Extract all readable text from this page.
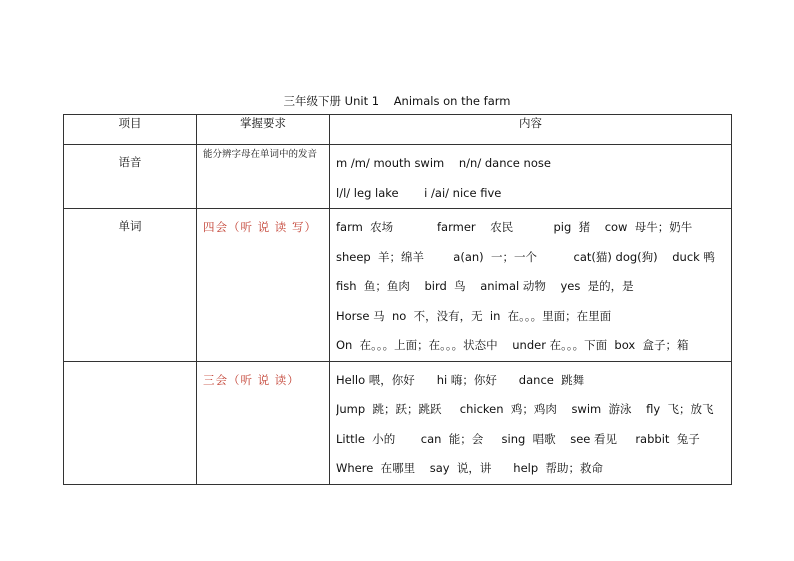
三年级下册 Unit 1    Animals on the farm
项目	掌握要求	内容

语音	能分辨字母在单词中的发音	m /m/ mouth swim    n/n/ dance nose
l/l/ leg lake       i /ai/ nice five

单词	四会（听 说 读 写）	farm  农场            farmer    农民           pig  猪    cow  母牛；奶牛
sheep  羊；绵羊        a(an)  一；一个          cat(猫) dog(狗)    duck 鸭
fish  鱼；鱼肉    bird  鸟    animal 动物    yes  是的，是
Horse 马  no  不，没有，无  in  在。。。里面；在里面
On  在。。。上面；在。。。状态中    under 在。。。下面  box  盒子；箱

	三会（听 说 读）	Hello 喂，你好      hi 嗨；你好      dance  跳舞
Jump  跳；跃；跳跃     chicken  鸡；鸡肉    swim  游泳    fly  飞；放飞
Little  小的       can  能；会     sing  唱歌    see 看见     rabbit  兔子
Where  在哪里    say  说，讲      help  帮助；救命
